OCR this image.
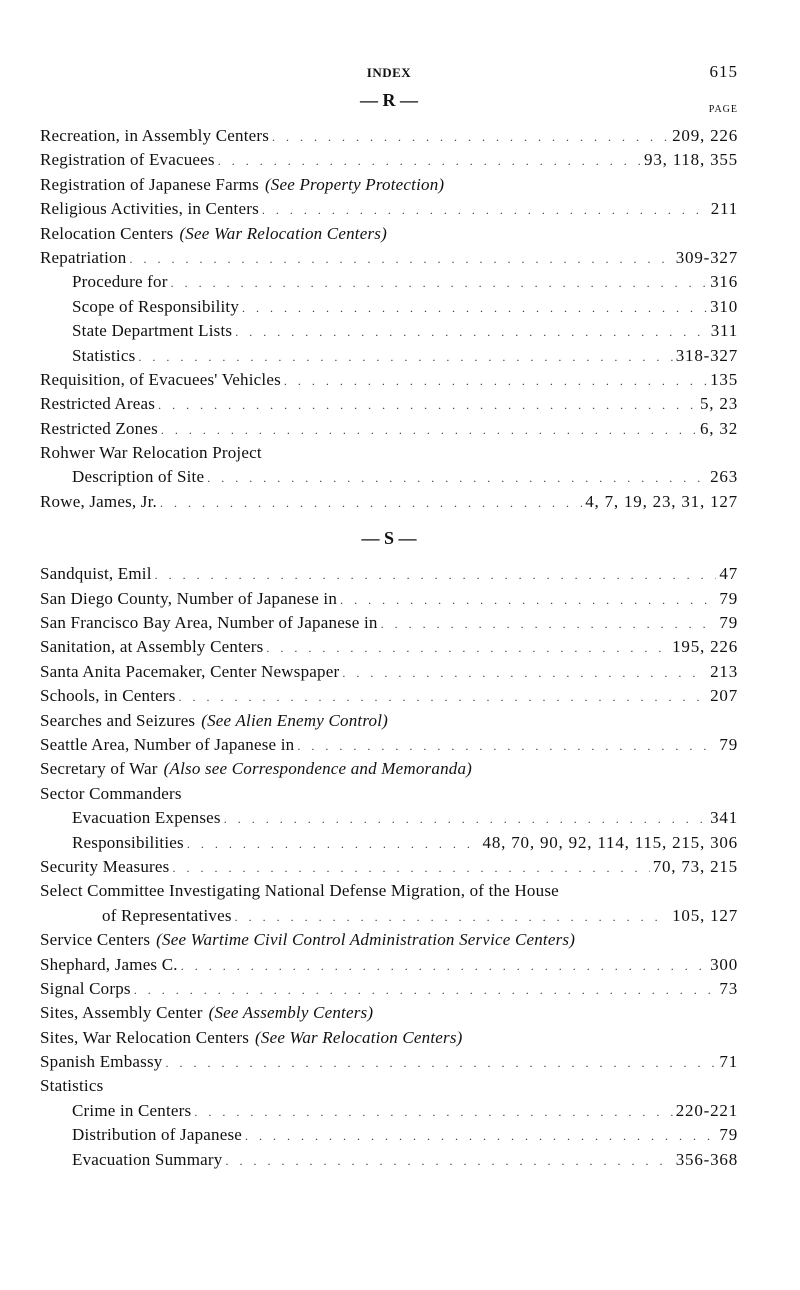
INDEX	615
— R —	PAGE
Recreation, in Assembly Centers . . .	209, 226
Registration of Evacuees . . .	93, 118, 355
Registration of Japanese Farms (See Property Protection)
Religious Activities, in Centers . . .	211
Relocation Centers (See War Relocation Centers)
Repatriation . . .	309-327
Procedure for . . .	316
Scope of Responsibility . . .	310
State Department Lists . . .	311
Statistics . . .	318-327
Requisition, of Evacuees' Vehicles . . .	135
Restricted Areas . . .	5, 23
Restricted Zones . . .	6, 32
Rohwer War Relocation Project
Description of Site . . .	263
Rowe, James, Jr. . . .	4, 7, 19, 23, 31, 127
— S —
Sandquist, Emil . . .	47
San Diego County, Number of Japanese in . . .	79
San Francisco Bay Area, Number of Japanese in . . .	79
Sanitation, at Assembly Centers . . .	195, 226
Santa Anita Pacemaker, Center Newspaper . . .	213
Schools, in Centers . . .	207
Searches and Seizures (See Alien Enemy Control)
Seattle Area, Number of Japanese in . . .	79
Secretary of War (Also see Correspondence and Memoranda)
Sector Commanders
Evacuation Expenses . . .	341
Responsibilities . . .	48, 70, 90, 92, 114, 115, 215, 306
Security Measures . . .	70, 73, 215
Select Committee Investigating National Defense Migration, of the House
of Representatives . . .	105, 127
Service Centers (See Wartime Civil Control Administration Service Centers)
Shephard, James C. . . .	300
Signal Corps . . .	73
Sites, Assembly Center (See Assembly Centers)
Sites, War Relocation Centers (See War Relocation Centers)
Spanish Embassy . . .	71
Statistics
Crime in Centers . . .	220-221
Distribution of Japanese . . .	79
Evacuation Summary . . .	356-368
